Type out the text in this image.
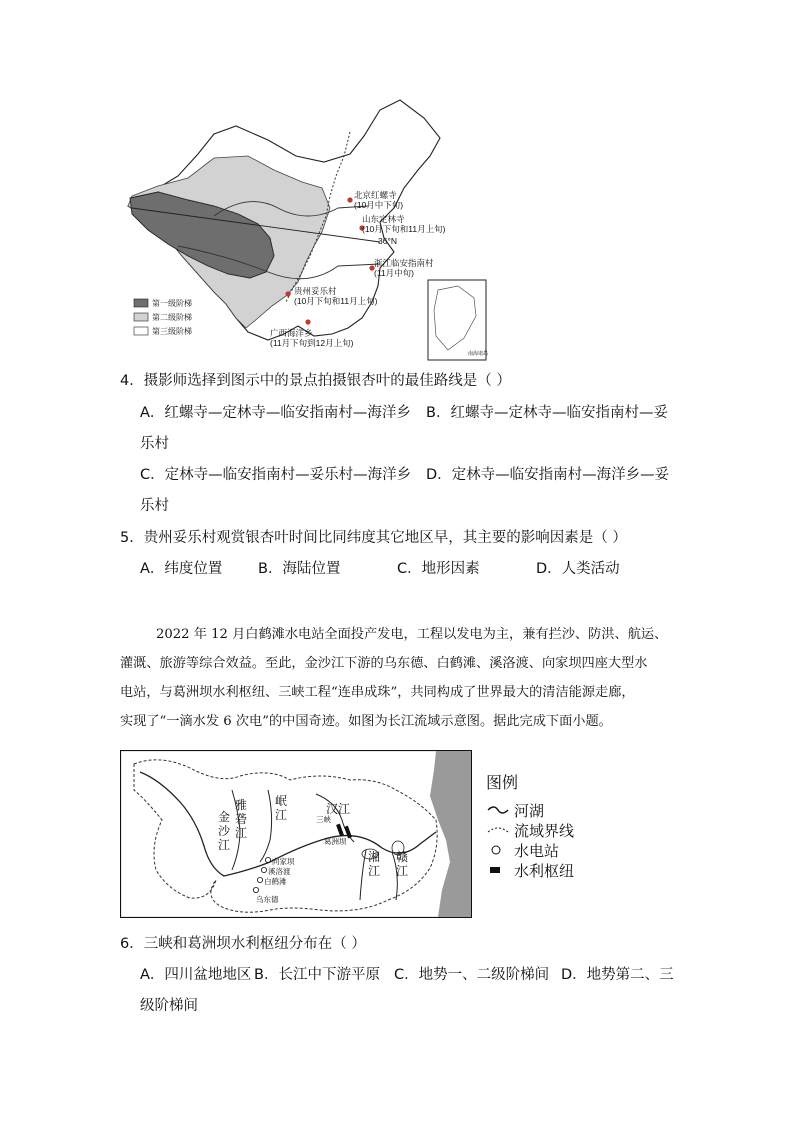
北京红螺寺
(10月中下旬)
山东定林寺
(10月下旬和11月上旬)
36°N
浙江临安指南村
(11月中旬)
贵州妥乐村
(10月下旬和11月上旬)
广西海洋乡
(11月下旬到12月上旬)
第一级阶梯
第二级阶梯
第三级阶梯
南海诸岛
4．摄影师选择到图示中的景点拍摄银杏叶的最佳路线是（ ）
A．红螺寺—定林寺—临安指南村—海洋乡 B．红螺寺—定林寺—临安指南村—妥
乐村
C．定林寺—临安指南村—妥乐村—海洋乡 D．定林寺—临安指南村—海洋乡—妥
乐村
5．贵州妥乐村观赏银杏叶时间比同纬度其它地区早，其主要的影响因素是（ ）
A．纬度位置 B．海陆位置	C．地形因素	D．人类活动
2022 年 12 月白鹤滩水电站全面投产发电，工程以发电为主，兼有拦沙、防洪、航运、
灌溉、旅游等综合效益。至此，金沙江下游的乌东德、白鹤滩、溪洛渡、向家坝四座大型水
电站，与葛洲坝水利枢纽、三峡工程“连串成珠”，共同构成了世界最大的清洁能源走廊，
实现了“一滴水发 6 次电”的中国奇迹。如图为长江流域示意图。据此完成下面小题。
金沙江
雅砻江
岷江	汉江
湘江
赣江
向家坝
溪洛渡
白鹤滩
乌东德
三峡
葛洲坝
图例
河湖
流域界线
水电站
水利枢纽
6．三峡和葛洲坝水利枢纽分布在（ ）
A．四川盆地地区 B．长江中下游平原 C．地势一、二级阶梯间 D．地势第二、三
级阶梯间
